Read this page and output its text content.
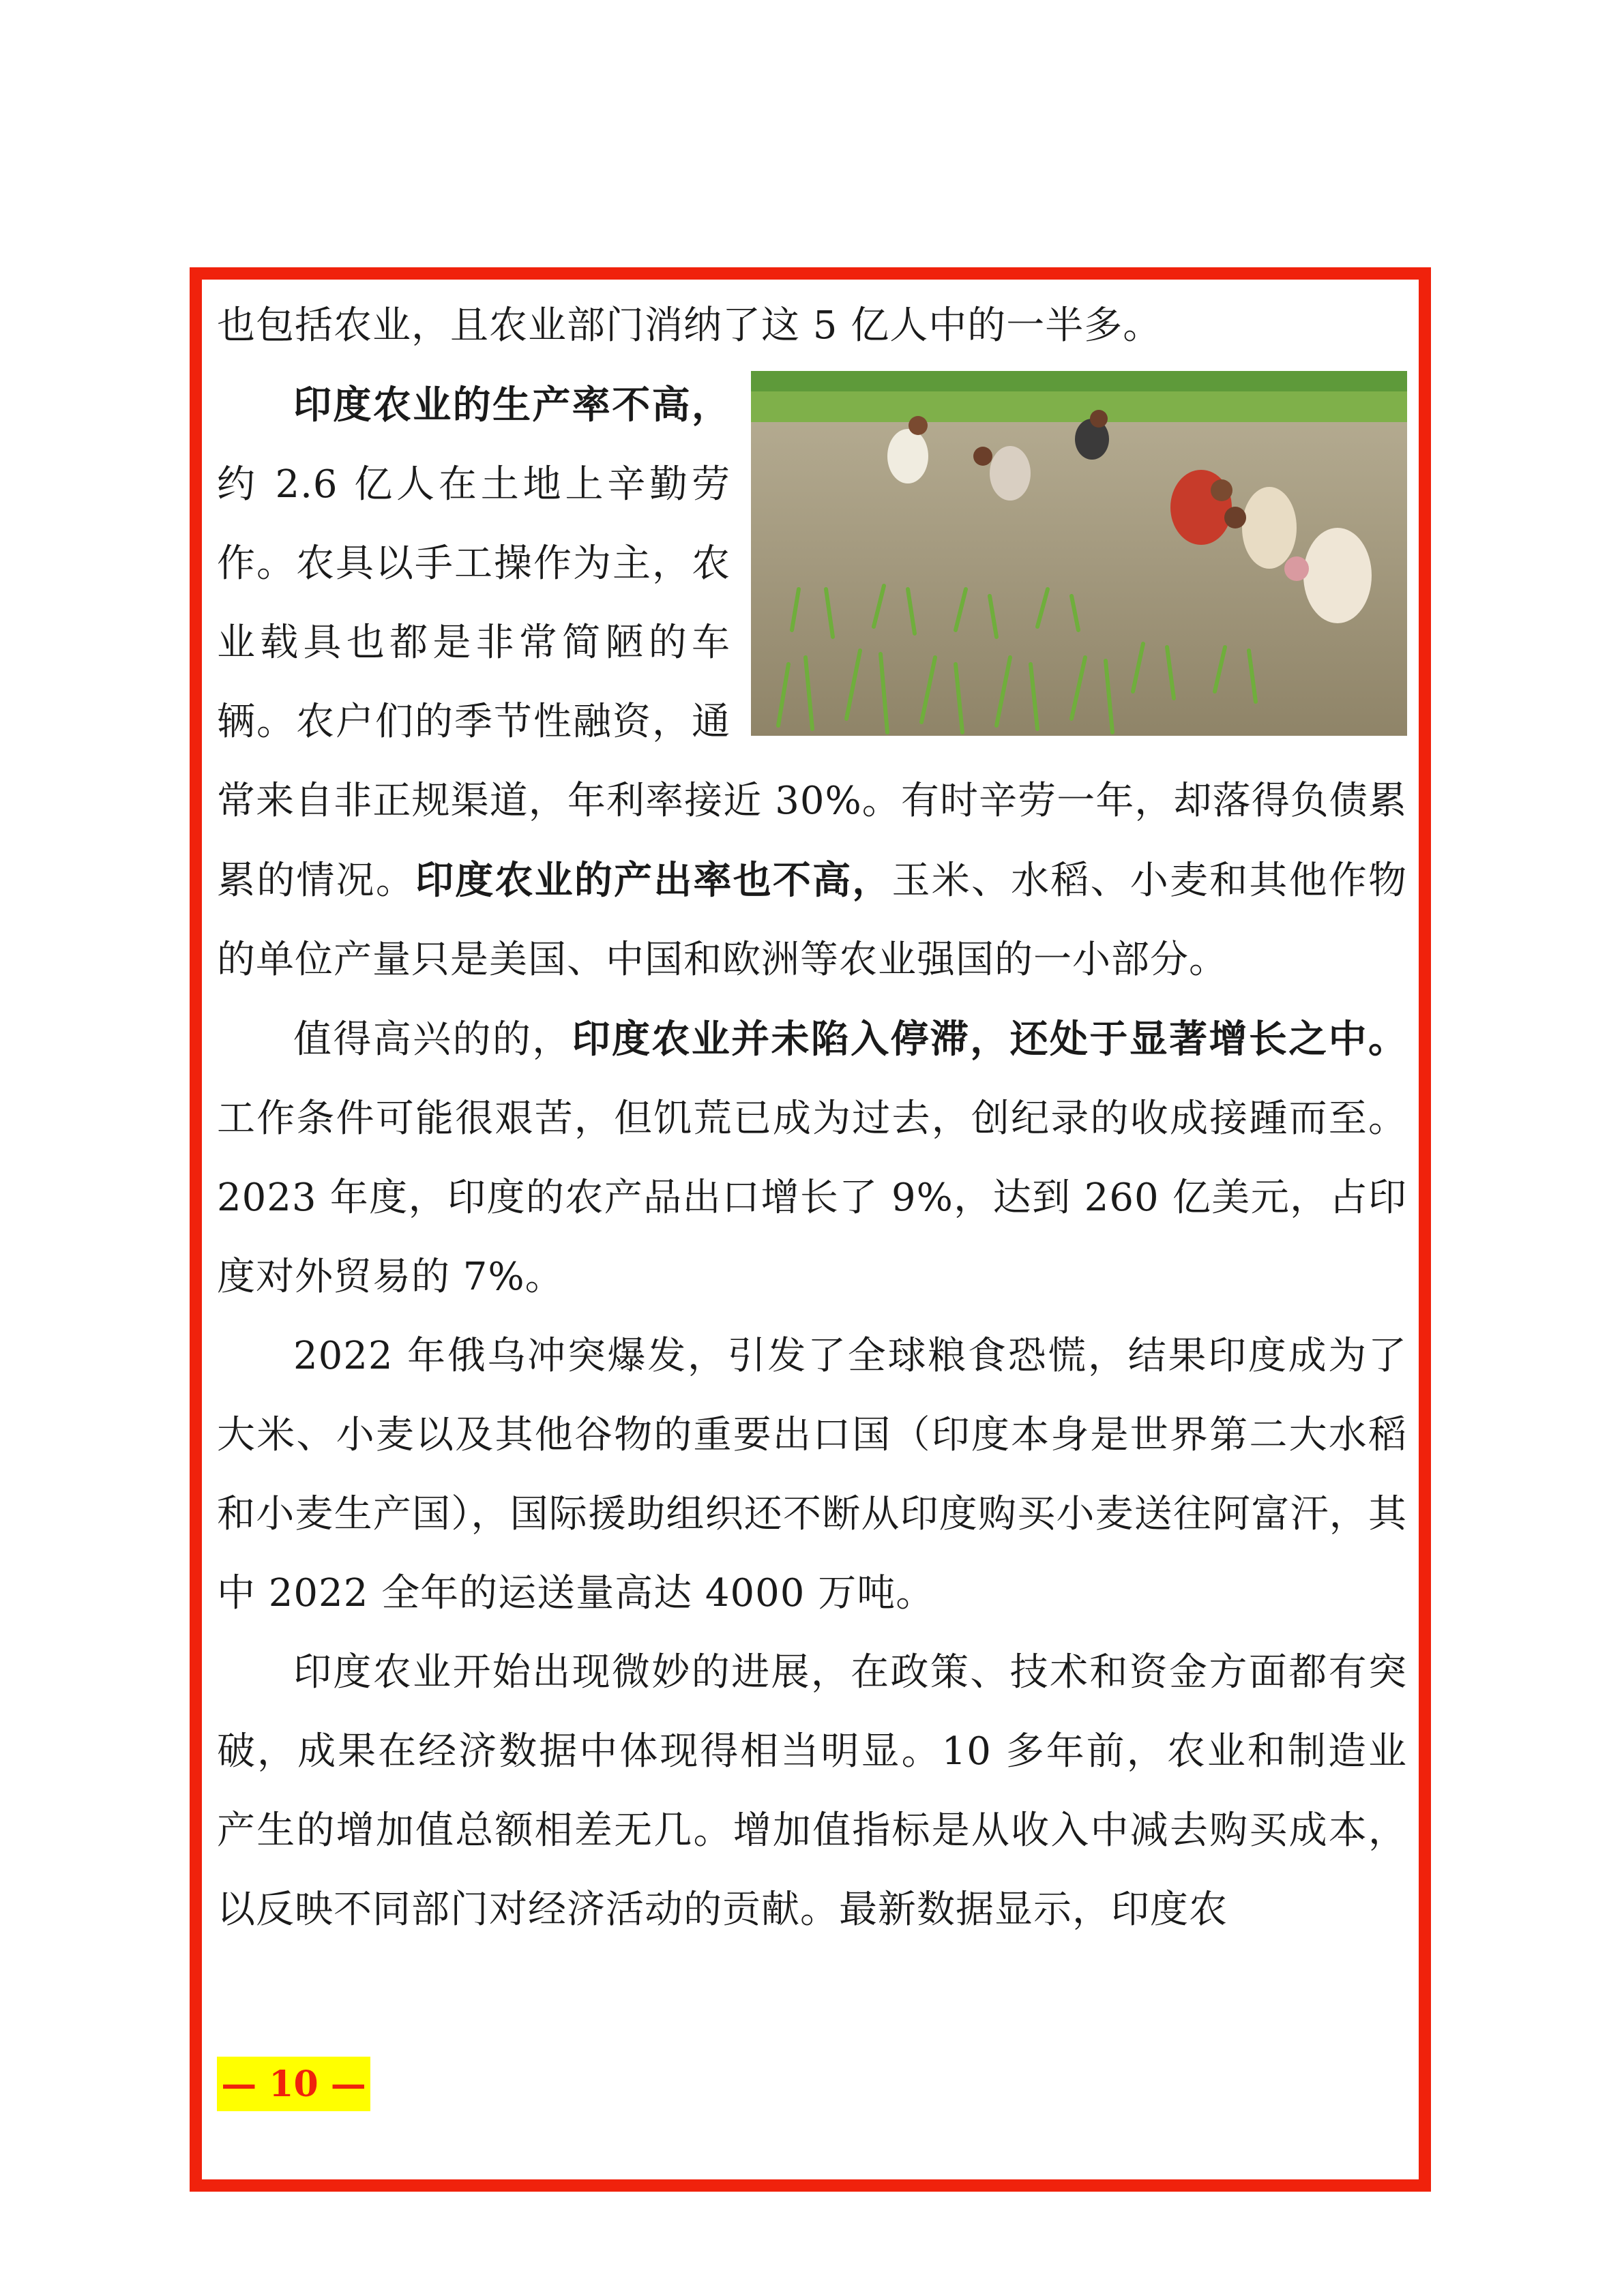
也包括农业，且农业部门消纳了这 5 亿人中的一半多。

印度农业的生产率不高，约 2.6 亿人在土地上辛勤劳作。农具以手工操作为主，农业载具也都是非常简陋的车辆。农户们的季节性融资，通常来自非正规渠道，年利率接近 30%。有时辛劳一年，却落得负债累累的情况。印度农业的产出率也不高，玉米、水稻、小麦和其他作物的单位产量只是美国、中国和欧洲等农业强国的一小部分。

值得高兴的的，印度农业并未陷入停滞，还处于显著增长之中。工作条件可能很艰苦，但饥荒已成为过去，创纪录的收成接踵而至。2023 年度，印度的农产品出口增长了 9%，达到 260 亿美元，占印度对外贸易的 7%。

2022 年俄乌冲突爆发，引发了全球粮食恐慌，结果印度成为了大米、小麦以及其他谷物的重要出口国（印度本身是世界第二大水稻和小麦生产国），国际援助组织还不断从印度购买小麦送往阿富汗，其中 2022 全年的运送量高达 4000 万吨。

印度农业开始出现微妙的进展，在政策、技术和资金方面都有突破，成果在经济数据中体现得相当明显。10 多年前，农业和制造业产生的增加值总额相差无几。增加值指标是从收入中减去购买成本，以反映不同部门对经济活动的贡献。最新数据显示，印度农

— 10 —
